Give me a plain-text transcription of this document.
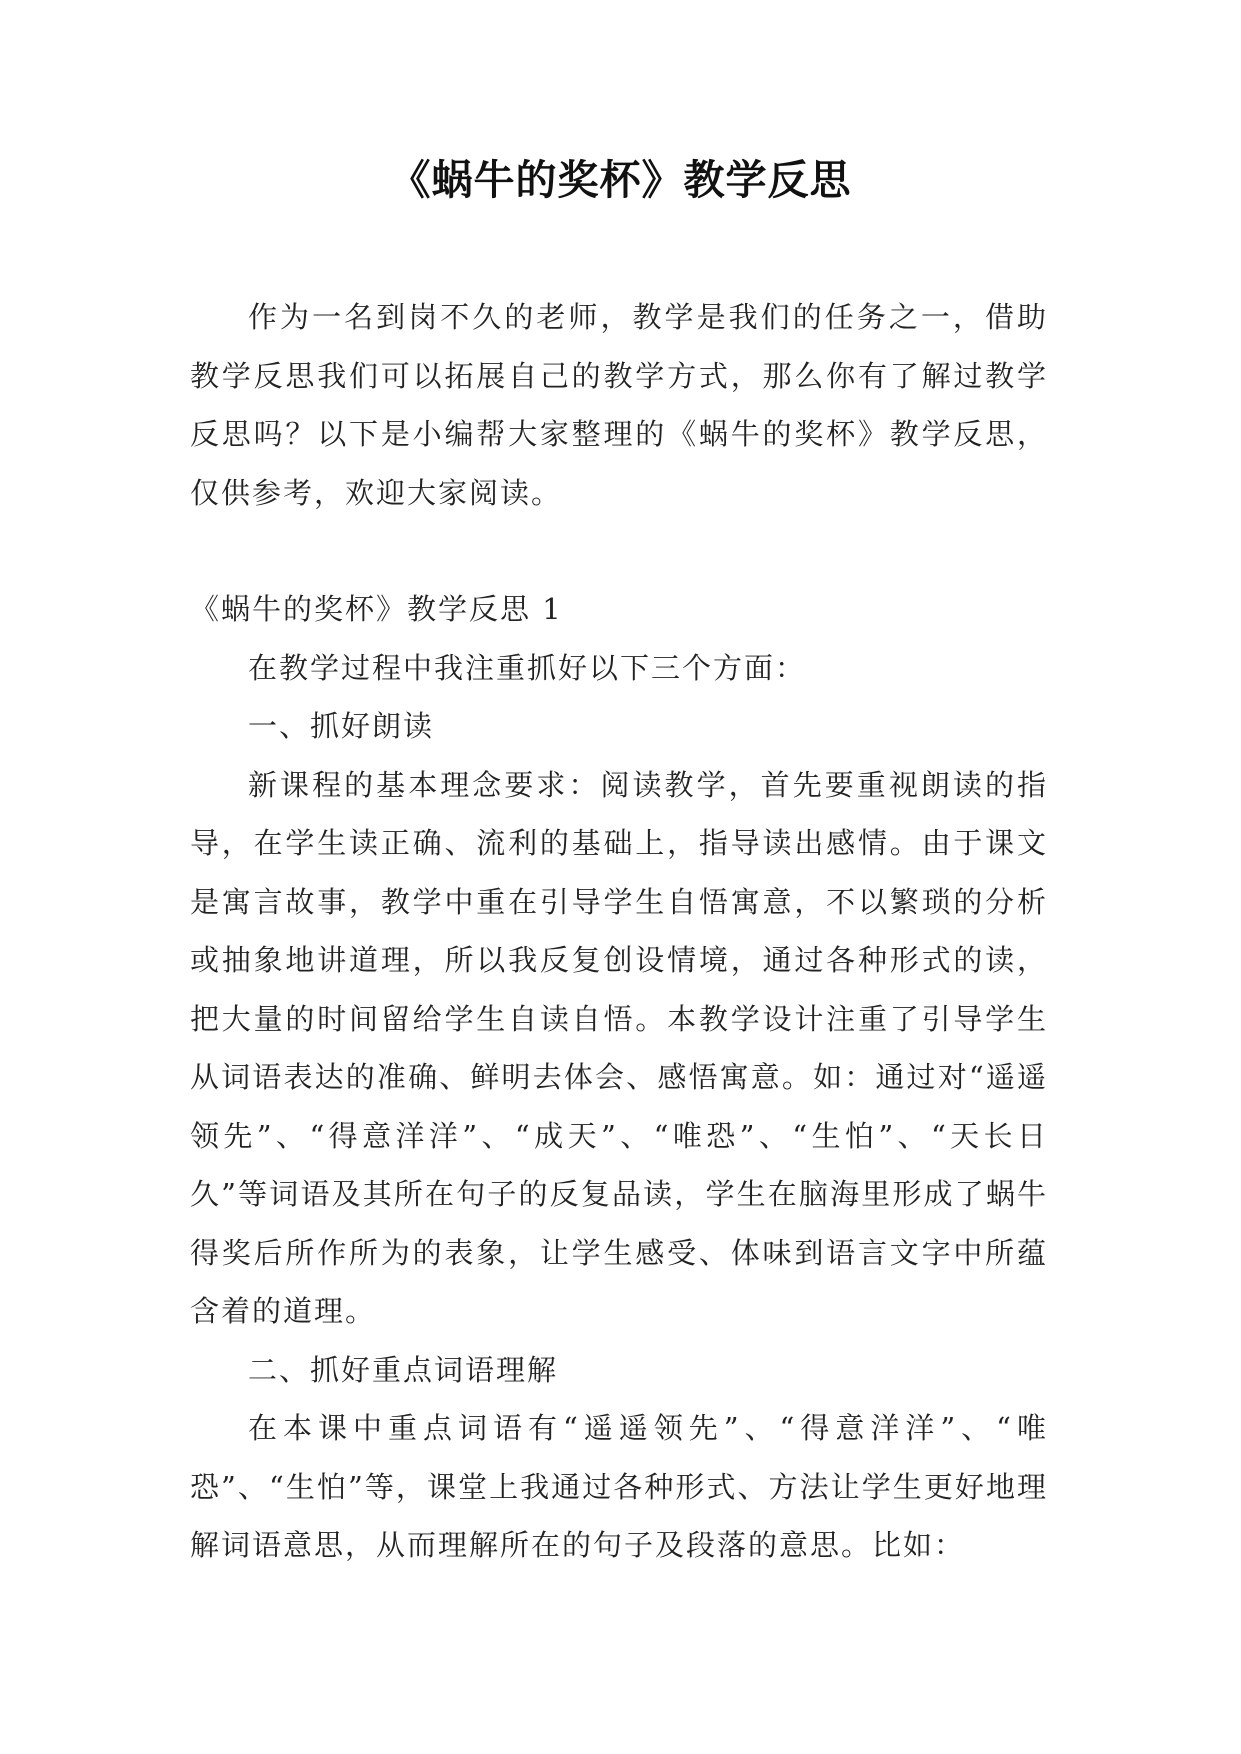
《蜗牛的奖杯》教学反思

作为一名到岗不久的老师，教学是我们的任务之一，借助教学反思我们可以拓展自己的教学方式，那么你有了解过教学反思吗？以下是小编帮大家整理的《蜗牛的奖杯》教学反思，仅供参考，欢迎大家阅读。

《蜗牛的奖杯》教学反思 1

在教学过程中我注重抓好以下三个方面：

一、抓好朗读

新课程的基本理念要求：阅读教学，首先要重视朗读的指导，在学生读正确、流利的基础上，指导读出感情。由于课文是寓言故事，教学中重在引导学生自悟寓意，不以繁琐的分析或抽象地讲道理，所以我反复创设情境，通过各种形式的读，把大量的时间留给学生自读自悟。本教学设计注重了引导学生从词语表达的准确、鲜明去体会、感悟寓意。如：通过对“遥遥领先”、“得意洋洋”、“成天”、“唯恐”、“生怕”、“天长日久”等词语及其所在句子的反复品读，学生在脑海里形成了蜗牛得奖后所作所为的表象，让学生感受、体味到语言文字中所蕴含着的道理。

二、抓好重点词语理解

在本课中重点词语有“遥遥领先”、“得意洋洋”、“唯恐”、“生怕”等，课堂上我通过各种形式、方法让学生更好地理解词语意思，从而理解所在的句子及段落的意思。比如：
